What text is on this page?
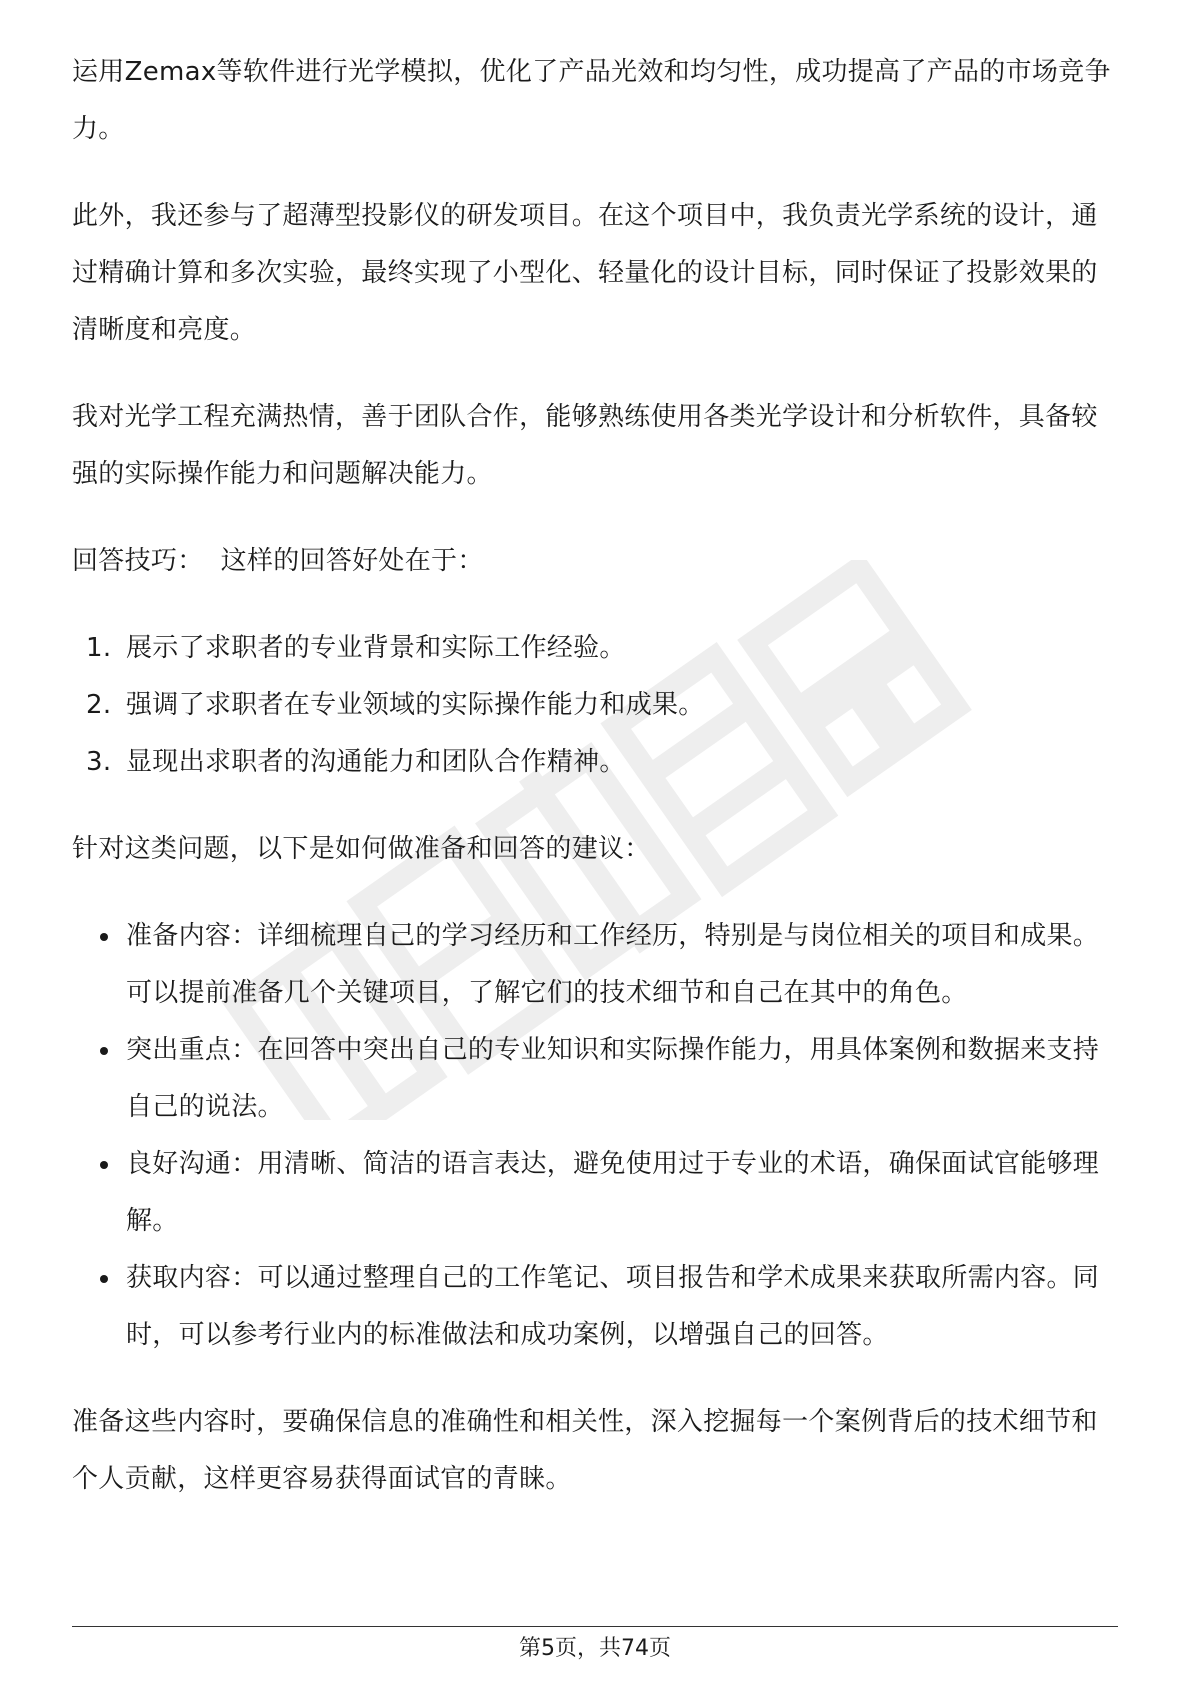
运用Zemax等软件进行光学模拟，优化了产品光效和均匀性，成功提高了产品的市场竞争力。

此外，我还参与了超薄型投影仪的研发项目。在这个项目中，我负责光学系统的设计，通过精确计算和多次实验，最终实现了小型化、轻量化的设计目标，同时保证了投影效果的清晰度和亮度。

我对光学工程充满热情，善于团队合作，能够熟练使用各类光学设计和分析软件，具备较强的实际操作能力和问题解决能力。

回答技巧：  这样的回答好处在于：

1. 展示了求职者的专业背景和实际工作经验。
2. 强调了求职者在专业领域的实际操作能力和成果。
3. 显现出求职者的沟通能力和团队合作精神。

针对这类问题，以下是如何做准备和回答的建议：

准备内容：详细梳理自己的学习经历和工作经历，特别是与岗位相关的项目和成果。可以提前准备几个关键项目，了解它们的技术细节和自己在其中的角色。
突出重点：在回答中突出自己的专业知识和实际操作能力，用具体案例和数据来支持自己的说法。
良好沟通：用清晰、简洁的语言表达，避免使用过于专业的术语，确保面试官能够理解。
获取内容：可以通过整理自己的工作笔记、项目报告和学术成果来获取所需内容。同时，可以参考行业内的标准做法和成功案例，以增强自己的回答。

准备这些内容时，要确保信息的准确性和相关性，深入挖掘每一个案例背后的技术细节和个人贡献，这样更容易获得面试官的青睐。

第5页，共74页
